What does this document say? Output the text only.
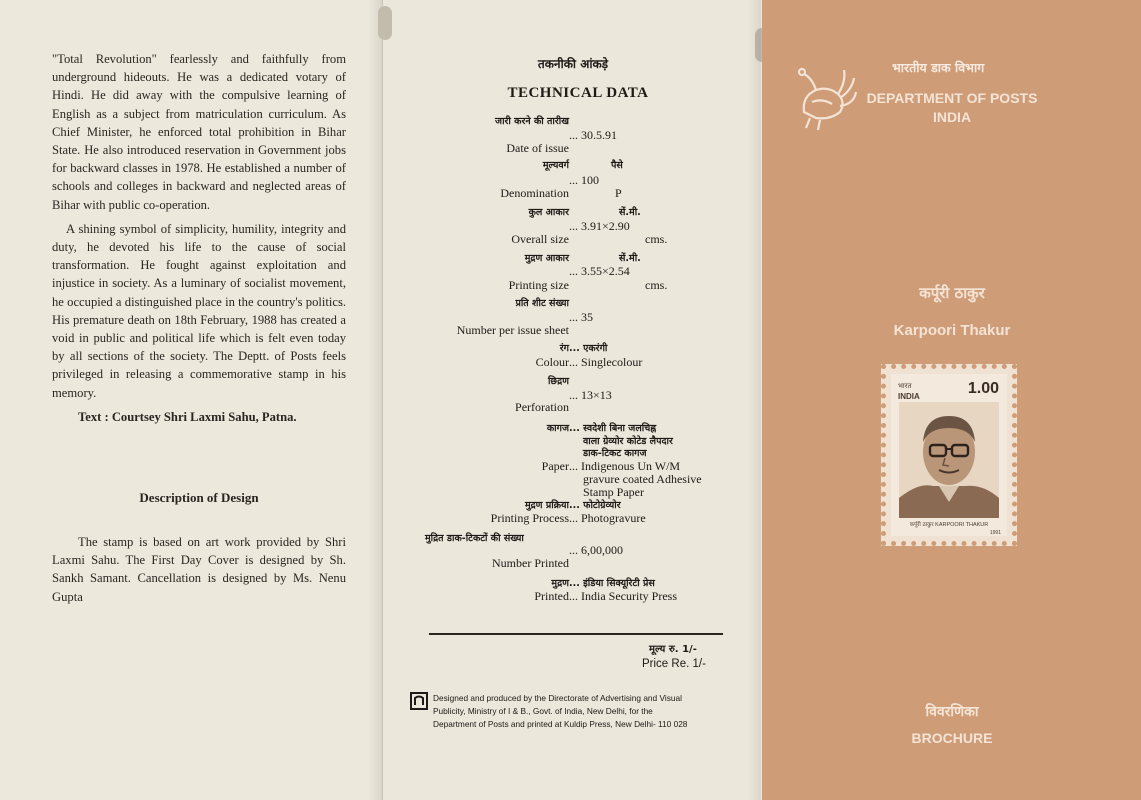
"Total Revolution" fearlessly and faithfully from underground hideouts. He was a dedicated votary of Hindi. He did away with the compulsive learning of English as a subject from matriculation curriculum. As Chief Minister, he enforced total prohibition in Bihar State. He also introduced reservation in Government jobs for backward classes in 1978. He established a number of schools and colleges in backward and neglected areas of Bihar with public co-operation.

A shining symbol of simplicity, humility, integrity and duty, he devoted his life to the cause of social transformation. He fought against exploitation and injustice in society. As a luminary of socialist movement, he occupied a distinguished place in the country's politics. His premature death on 18th February, 1988 has created a void in public and political life which is felt even today by all sections of the society. The Deptt. of Posts feels privileged in releasing a commemorative stamp in his memory.

Text : Courtsey Shri Laxmi Sahu, Patna.

Description of Design

The stamp is based on art work provided by Shri Laxmi Sahu. The First Day Cover is designed by Sh. Sankh Samant. Cancellation is designed by Ms. Nenu Gupta

तकनीकी आंकड़े
TECHNICAL DATA
जारी करने की तारीख
... 30.5.91
Date of issue
मूल्यवर्ग	पैसे
... 100
Denomination	P
कुल आकार	सें.मी.
... 3.91×2.90
Overall size	cms.
मुद्रण आकार	सें.मी.
... 3.55×2.54
Printing size	cms.
प्रति शीट संख्या
... 35
Number per issue sheet
रंग ... एकरंगी
Colour ... Singlecolour
छिद्रण
... 13×13
Perforation
कागज ... स्वदेशी बिना जलचिह्न
वाला ग्रेव्योर कोटेड लैपदार
डाक-टिकट कागज
Paper ... Indigenous Un W/M
gravure coated Adhesive
Stamp Paper
मुद्रण प्रक्रिया ... फोटोग्रेव्योर
Printing Process ... Photogravure
मुद्रित डाक-टिकटों की संख्या
... 6,00,000
Number Printed
मुद्रण ... इंडिया सिक्यूरिटी प्रेस
Printed ... India Security Press
मूल्य रु. 1/-
Price Re. 1/-
Designed and produced by the Directorate of Advertising and Visual
Publicity, Ministry of I & B., Govt. of India, New Delhi, for the
Department of Posts and printed at Kuldip Press, New Delhi- 110 028
भारतीय डाक विभाग
DEPARTMENT OF POSTS
INDIA
कर्पूरी ठाकुर
Karpoori Thakur
भारत
INDIA	1.00
कर्पूरी ठाकुर KARPOORI THAKUR
1991
विवरणिका
BROCHURE
